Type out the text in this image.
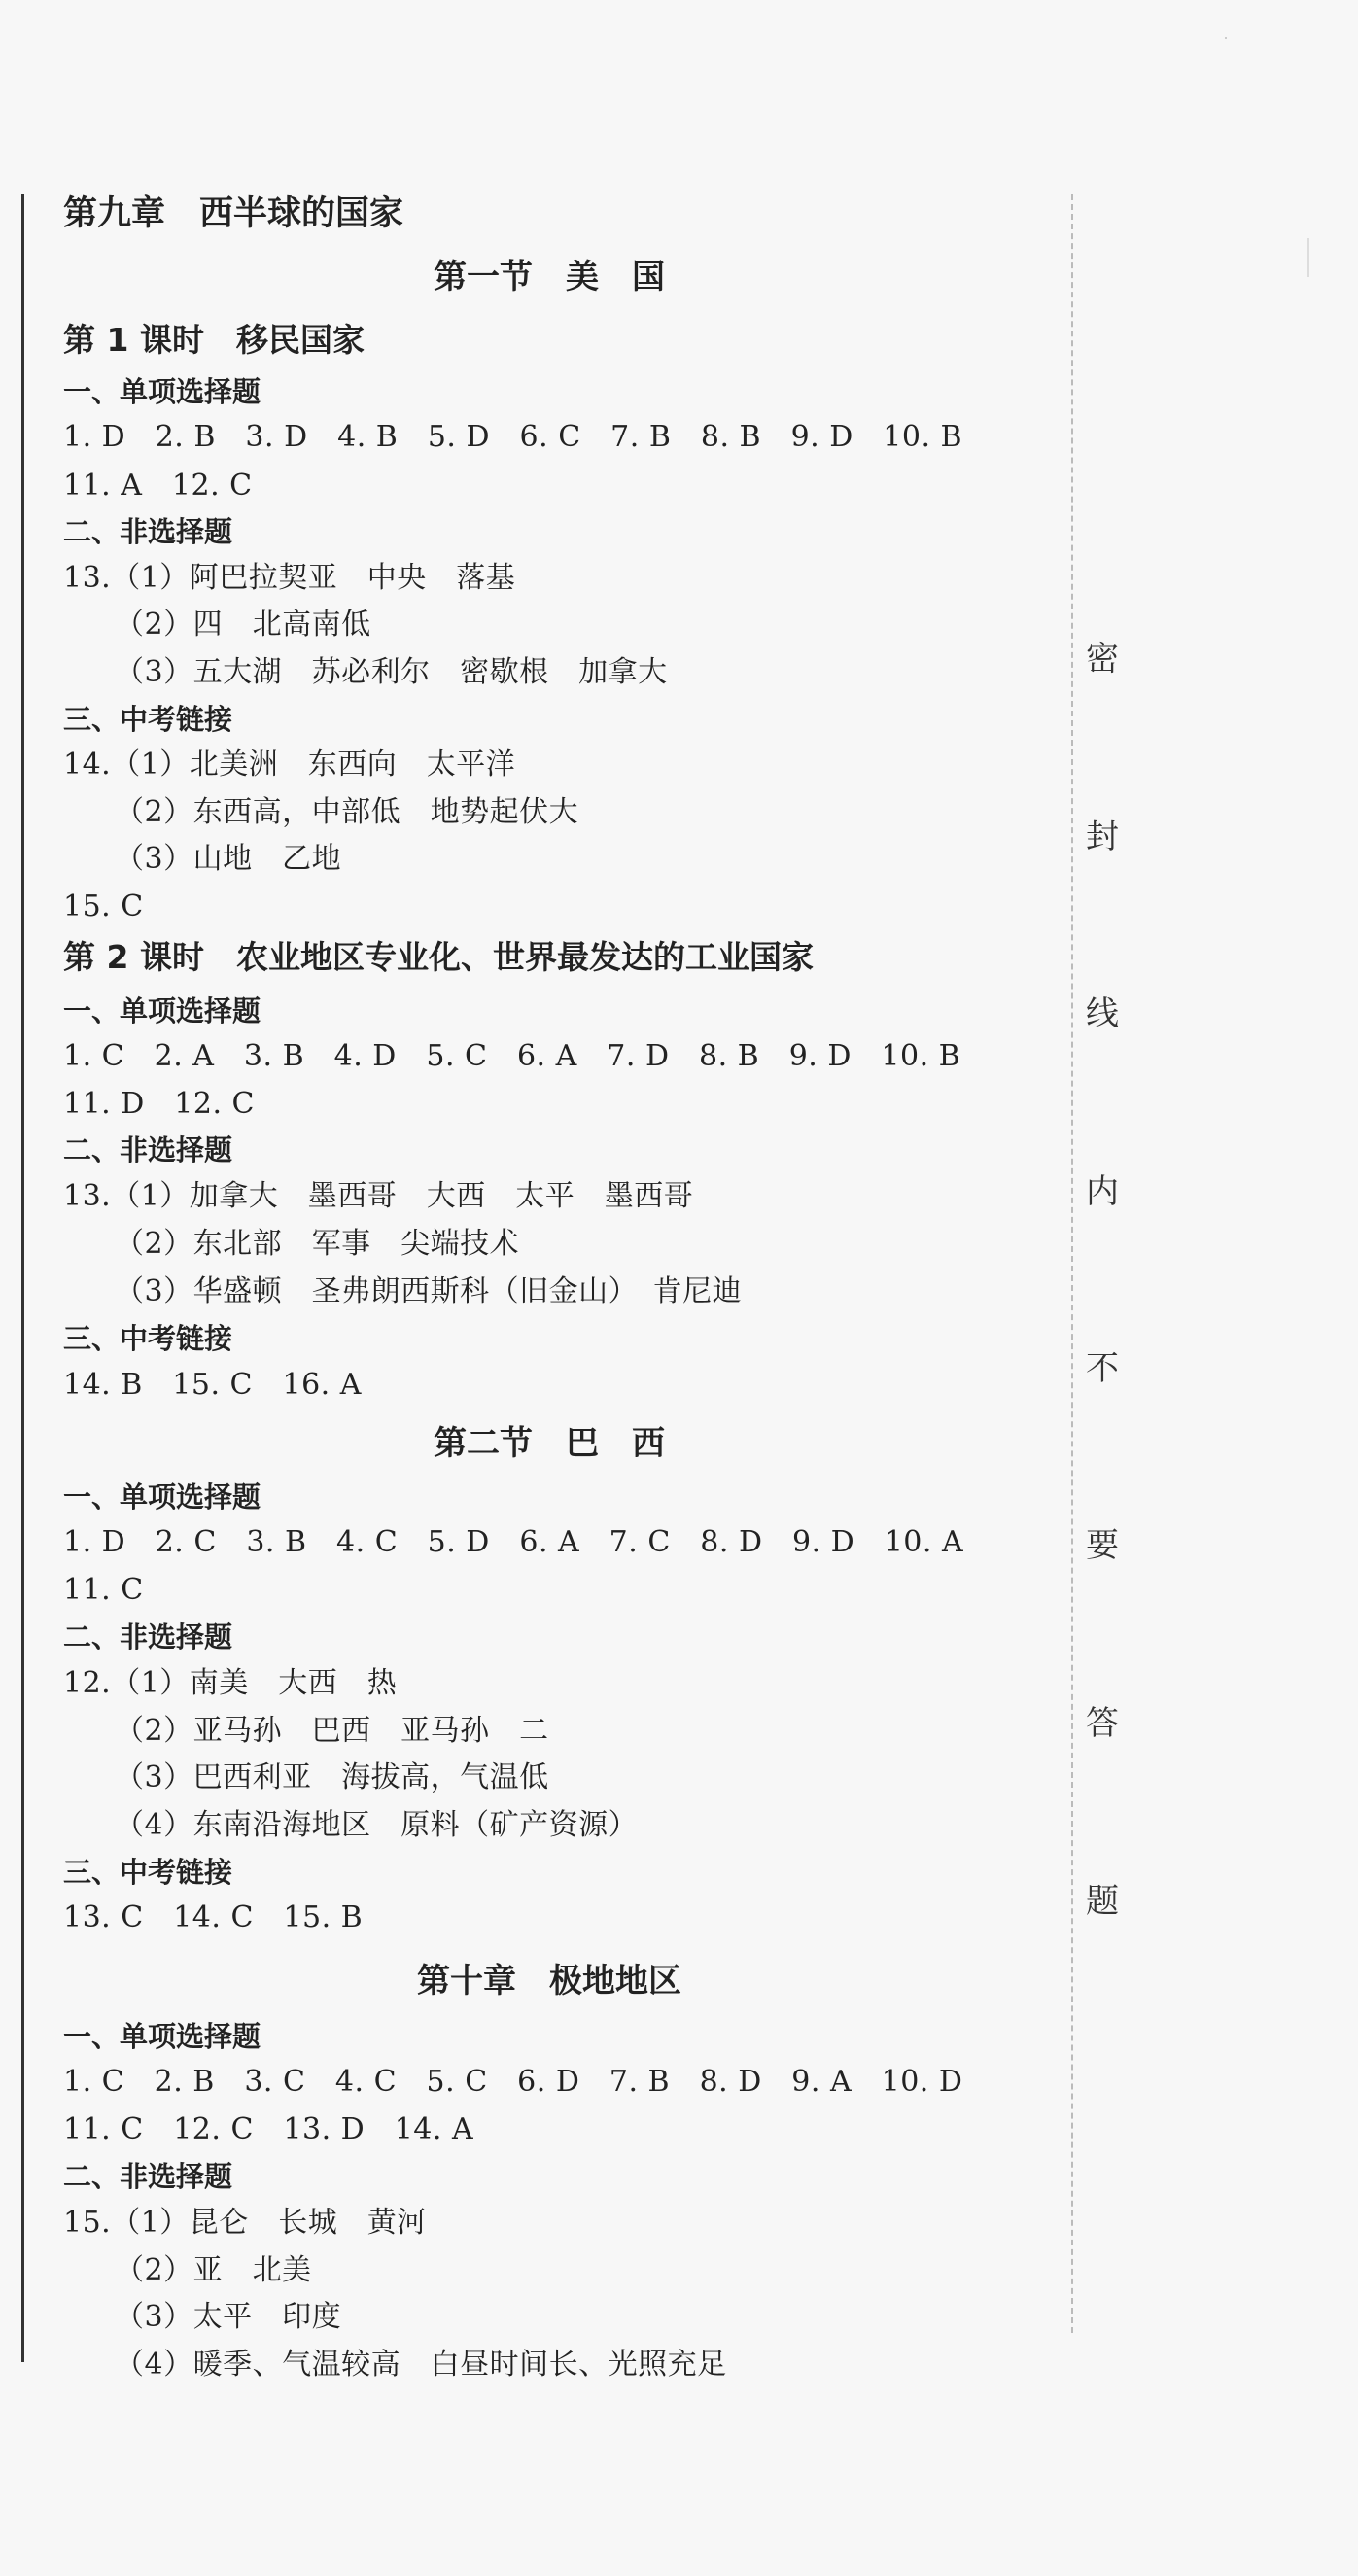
第九章　西半球的国家
第一节　美　国
第 1 课时　移民国家
一、单项选择题
1. D　2. B　3. D　4. B　5. D　6. C　7. B　8. B　9. D　10. B
11. A　12. C
二、非选择题
13.（1）阿巴拉契亚　中央　落基
（2）四　北高南低
（3）五大湖　苏必利尔　密歇根　加拿大
三、中考链接
14.（1）北美洲　东西向　太平洋
（2）东西高，中部低　地势起伏大
（3）山地　乙地
15. C
第 2 课时　农业地区专业化、世界最发达的工业国家
一、单项选择题
1. C　2. A　3. B　4. D　5. C　6. A　7. D　8. B　9. D　10. B
11. D　12. C
二、非选择题
13.（1）加拿大　墨西哥　大西　太平　墨西哥
（2）东北部　军事　尖端技术
（3）华盛顿　圣弗朗西斯科（旧金山）　肯尼迪
三、中考链接
14. B　15. C　16. A
第二节　巴　西
一、单项选择题
1. D　2. C　3. B　4. C　5. D　6. A　7. C　8. D　9. D　10. A
11. C
二、非选择题
12.（1）南美　大西　热
（2）亚马孙　巴西　亚马孙　二
（3）巴西利亚　海拔高，气温低
（4）东南沿海地区　原料（矿产资源）
三、中考链接
13. C　14. C　15. B
第十章　极地地区
一、单项选择题
1. C　2. B　3. C　4. C　5. C　6. D　7. B　8. D　9. A　10. D
11. C　12. C　13. D　14. A
二、非选择题
15.（1）昆仑　长城　黄河
（2）亚　北美
（3）太平　印度
（4）暖季、气温较高　白昼时间长、光照充足
密
封
线
内
不
要
答
题
